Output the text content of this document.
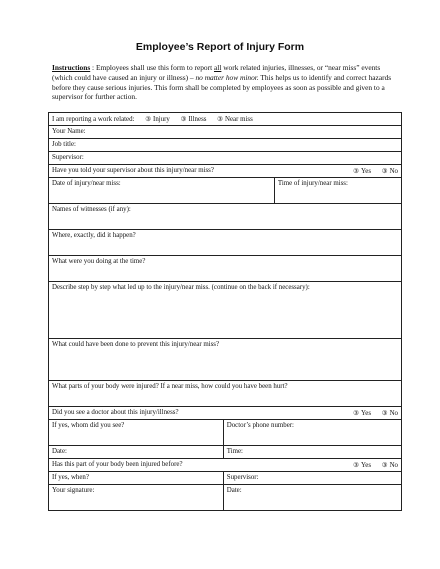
Employee’s Report of Injury Form
Instructions : Employees shall use this form to report all work related injuries, illnesses, or “near miss” events (which could have caused an injury or illness) – no matter how minor. This helps us to identify and correct hazards before they cause serious injuries. This form shall be completed by employees as soon as possible and given to a supervisor for further action.
I am reporting a work related: ③ Injury ③ Illness ③ Near miss		
Your Name:		
Job title:		
Supervisor:		
Have you told your supervisor about this injury/near miss? ③ Yes ③ No		

Date of injury/near miss:		Time of injury/near miss:
Names of witnesses (if any):		
Where, exactly, did it happen?		
What were you doing at the time?		
Describe step by step what led up to the injury/near miss. (continue on the back if necessary):		
What could have been done to prevent this injury/near miss?		
What parts of your body were injured? If a near miss, how could you have been hurt?		
Did you see a doctor about this injury/illness? ③ Yes ③ No		

If yes, whom did you see?	Doctor’s phone number:	
Date:	Time:	
Has this part of your body been injured before? ③ Yes ③ No		

If yes, when?	Supervisor:	
Your signature:	Date:	
